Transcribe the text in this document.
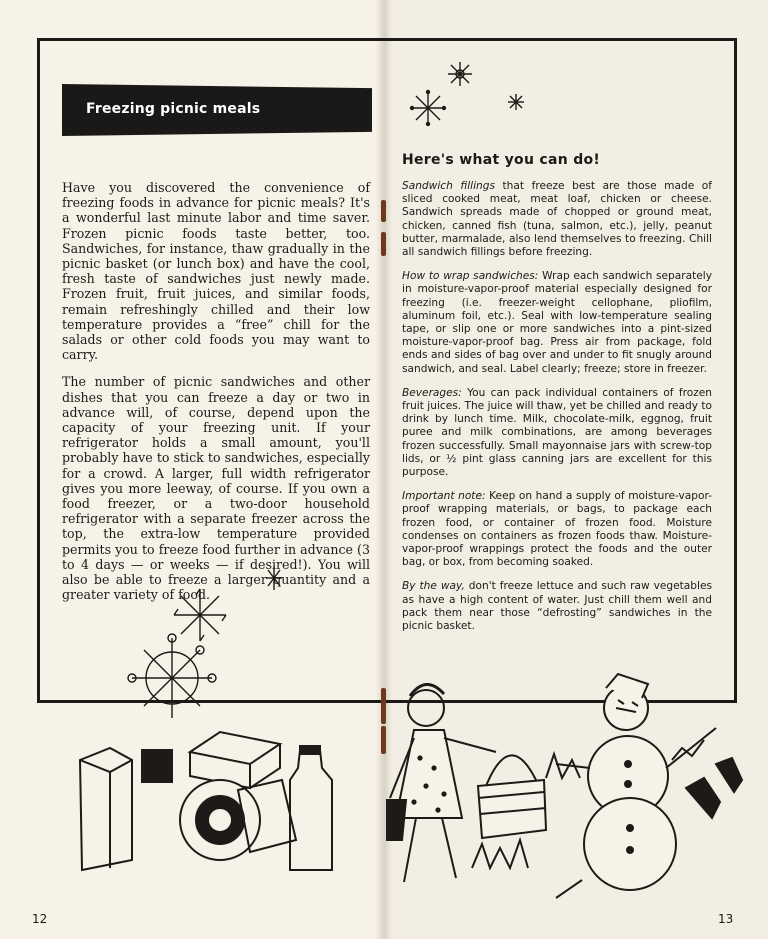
Freezing picnic meals

Have you discovered the convenience of freezing foods in advance for picnic meals? It's a wonderful last minute labor and time saver. Frozen picnic foods taste better, too. Sandwiches, for instance, thaw gradually in the picnic basket (or lunch box) and have the cool, fresh taste of sandwiches just newly made. Frozen fruit, fruit juices, and similar foods, remain refreshingly chilled and their low temperature provides a “free” chill for the salads or other cold foods you may want to carry.

The number of picnic sandwiches and other dishes that you can freeze a day or two in advance will, of course, depend upon the capacity of your freezing unit. If your refrigerator holds a small amount, you'll probably have to stick to sandwiches, especially for a crowd. A larger, full width refrigerator gives you more leeway, of course. If you own a food freezer, or a two-door household refrigerator with a separate freezer across the top, the extra-low temperature provided permits you to freeze food further in advance (3 to 4 days — or weeks — if desired!). You will also be able to freeze a larger quantity and a greater variety of food.

Here's what you can do!

Sandwich fillings that freeze best are those made of sliced cooked meat, meat loaf, chicken or cheese. Sandwich spreads made of chopped or ground meat, chicken, canned fish (tuna, salmon, etc.), jelly, peanut butter, marmalade, also lend themselves to freezing. Chill all sandwich fillings before freezing.

How to wrap sandwiches: Wrap each sandwich separately in moisture-vapor-proof material especially designed for freezing (i.e. freezer-weight cellophane, pliofilm, aluminum foil, etc.). Seal with low-temperature sealing tape, or slip one or more sandwiches into a pint-sized moisture-vapor-proof bag. Press air from package, fold ends and sides of bag over and under to fit snugly around sandwich, and seal. Label clearly; freeze; store in freezer.

Beverages: You can pack individual containers of frozen fruit juices. The juice will thaw, yet be chilled and ready to drink by lunch time. Milk, chocolate-milk, eggnog, fruit puree and milk combinations, are among beverages frozen successfully. Small mayonnaise jars with screw-top lids, or ½ pint glass canning jars are excellent for this purpose.

Important note: Keep on hand a supply of moisture-vapor-proof wrapping materials, or bags, to package each frozen food, or container of frozen food. Moisture condenses on containers as frozen foods thaw. Moisture-vapor-proof wrappings protect the foods and the outer bag, or box, from becoming soaked.

By the way, don't freeze lettuce and such raw vegetables as have a high content of water. Just chill them well and pack them near those “defrosting” sandwiches in the picnic basket.

12	13
